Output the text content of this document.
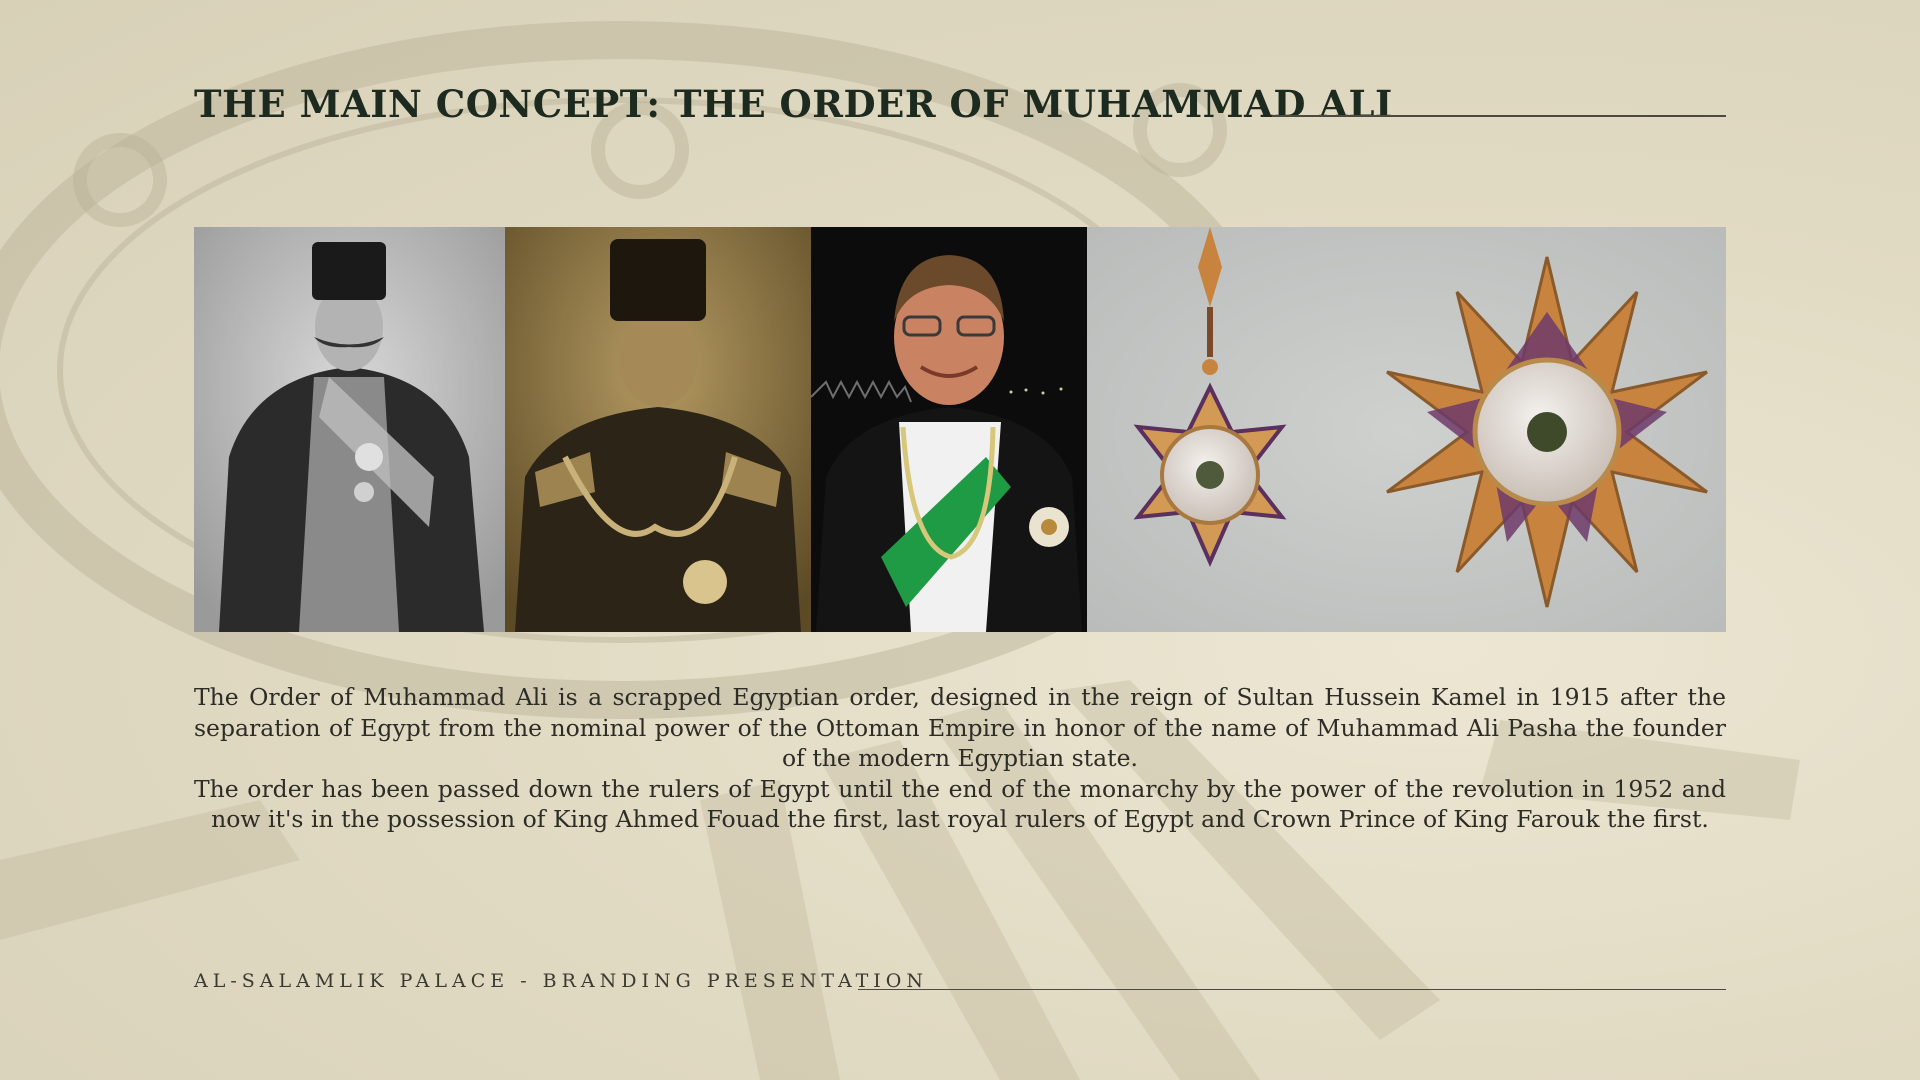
THE MAIN CONCEPT: THE ORDER OF MUHAMMAD ALI

The Order of Muhammad Ali is a scrapped Egyptian order, designed in the reign of Sultan Hussein Kamel in 1915 after the separation of Egypt from the nominal power of the Ottoman Empire in honor of the name of Muhammad Ali Pasha the founder of the modern Egyptian state.

The order has been passed down the rulers of Egypt until the end of the monarchy by the power of the revolution in 1952 and now it's in the possession of King Ahmed Fouad the first, last royal rulers of Egypt and Crown Prince of King Farouk the first.

AL-SALAMLIK PALACE - BRANDING PRESENTATION
